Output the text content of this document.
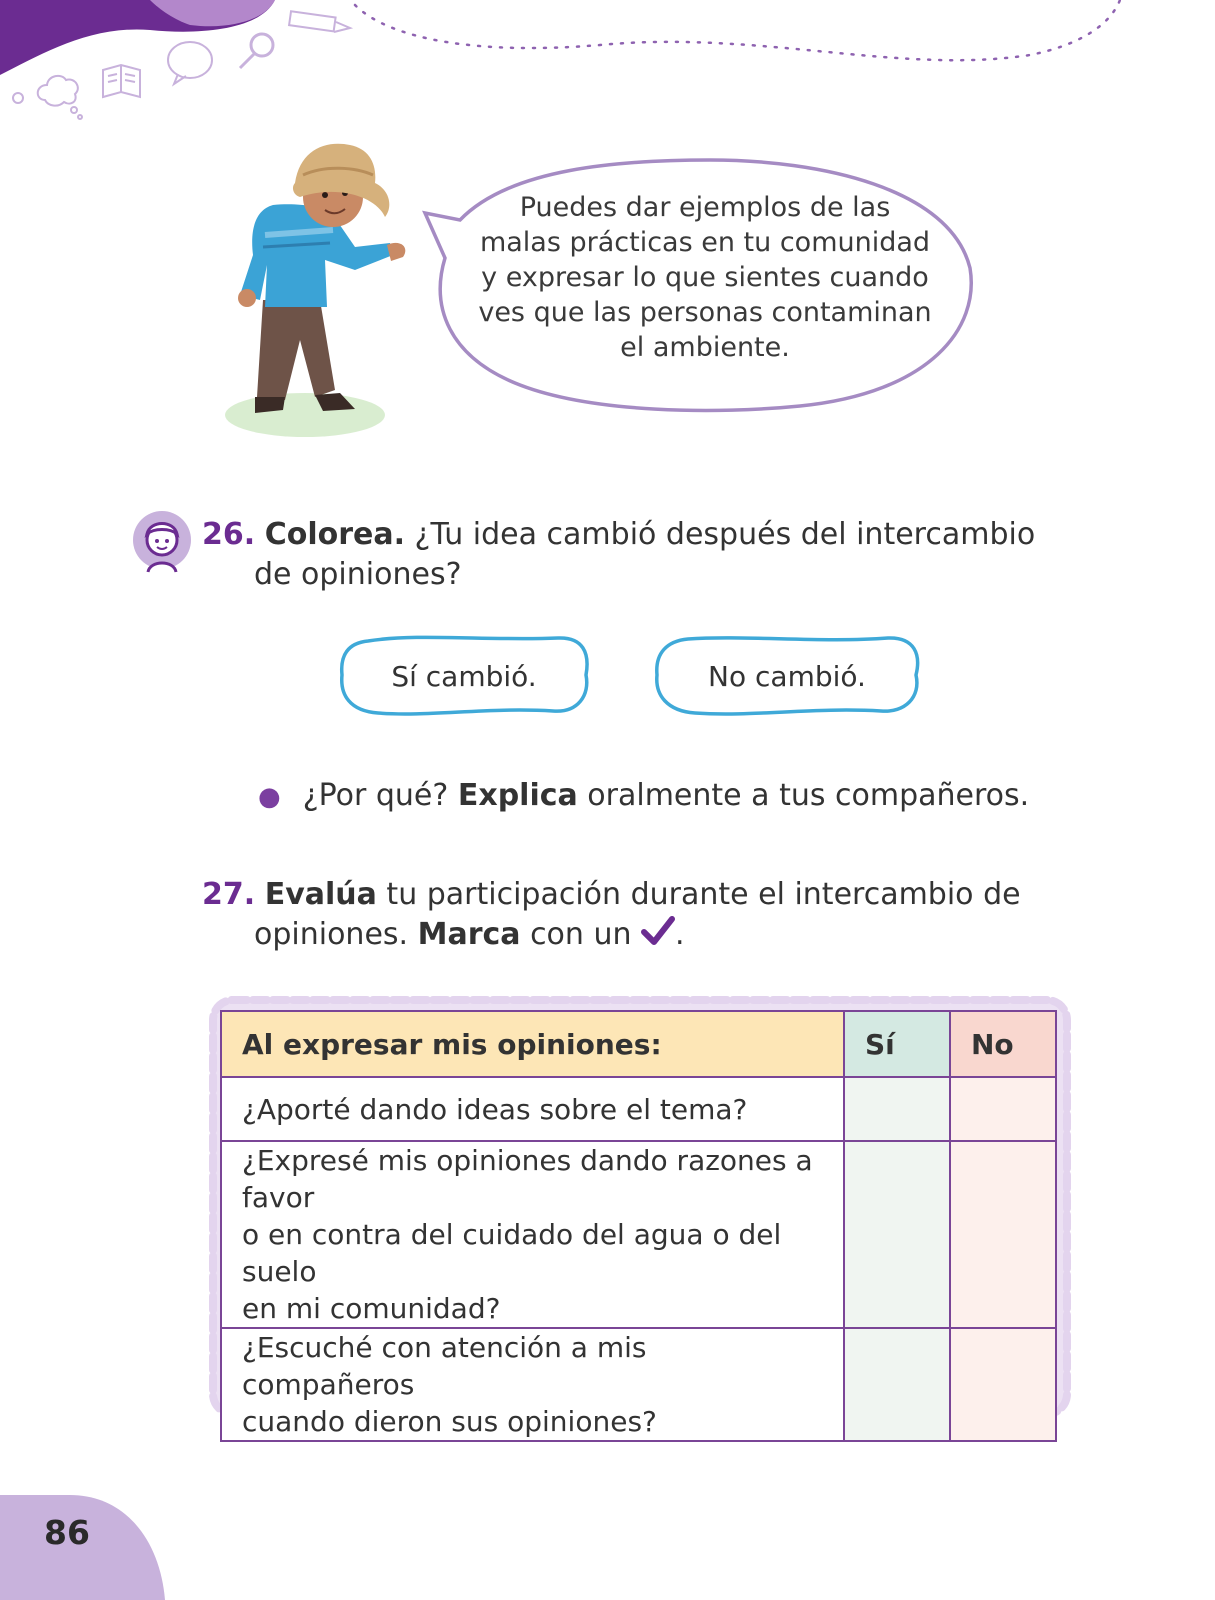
Puedes dar ejemplos de las
malas prácticas en tu comunidad
y expresar lo que sientes cuando
ves que las personas contaminan
el ambiente.
26. Colorea. ¿Tu idea cambió después del intercambio
de opiniones?
Sí cambió.	No cambió.
● ¿Por qué? Explica oralmente a tus compañeros.
27. Evalúa tu participación durante el intercambio de
opiniones. Marca con un .
Al expresar mis opiniones:	Sí	No
¿Aporté dando ideas sobre el tema?		
¿Expresé mis opiniones dando razones a favor
o en contra del cuidado del agua o del suelo
en mi comunidad?		
¿Escuché con atención a mis compañeros
cuando dieron sus opiniones?		
86
